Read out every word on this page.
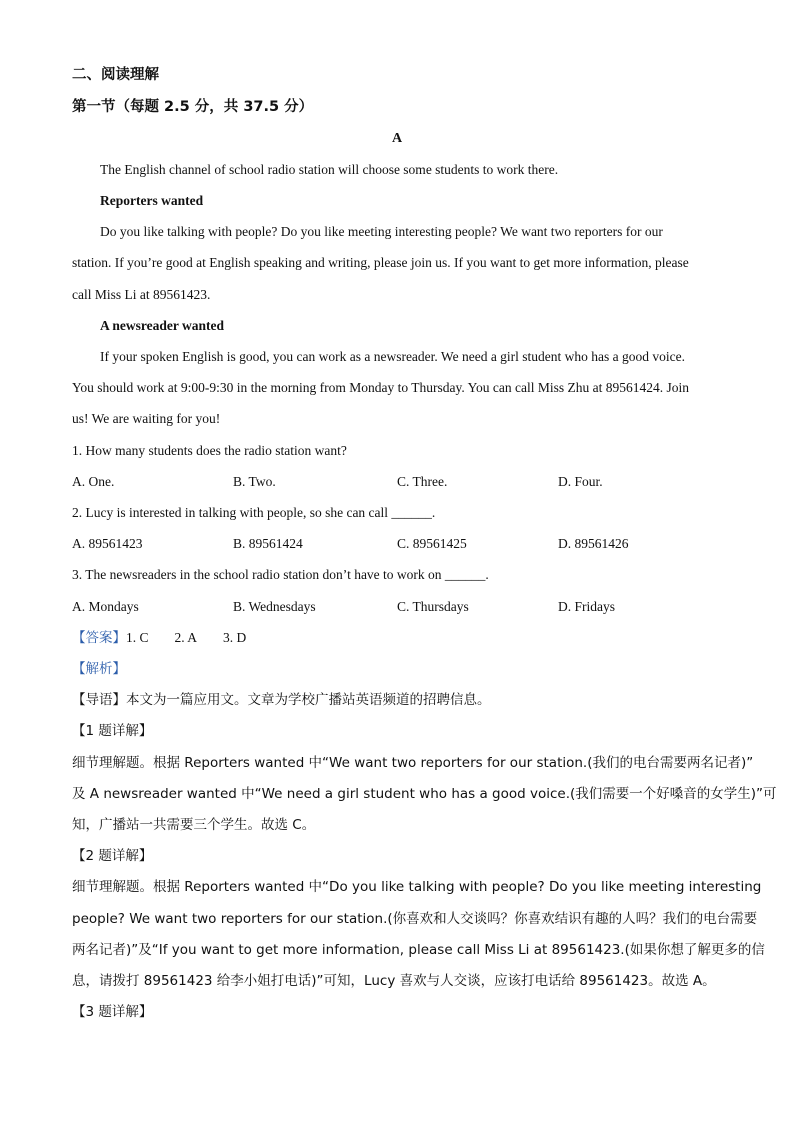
二、阅读理解
第一节（每题 2.5 分，共 37.5 分）
A
The English channel of school radio station will choose some students to work there.
Reporters wanted
Do you like talking with people? Do you like meeting interesting people? We want two reporters for our
station. If you’re good at English speaking and writing, please join us. If you want to get more information, please
call Miss Li at 89561423.
A newsreader wanted
If your spoken English is good, you can work as a newsreader. We need a girl student who has a good voice.
You should work at 9:00-9:30 in the morning from Monday to Thursday. You can call Miss Zhu at 89561424. Join
us! We are waiting for you!
1. How many students does the radio station want?
A. One.	B. Two.	C. Three.	D. Four.
2. Lucy is interested in talking with people, so she can call ______.
A. 89561423	B. 89561424	C. 89561425	D. 89561426
3. The newsreaders in the school radio station don’t have to work on ______.
A. Mondays	B. Wednesdays	C. Thursdays	D. Fridays
【答案】1. C 2. A 3. D
【解析】
【导语】本文为一篇应用文。文章为学校广播站英语频道的招聘信息。
【1 题详解】
细节理解题。根据 Reporters wanted 中“We want two reporters for our station.(我们的电台需要两名记者)”
及 A newsreader wanted 中“We need a girl student who has a good voice.(我们需要一个好嗓音的女学生)”可
知，广播站一共需要三个学生。故选 C。
【2 题详解】
细节理解题。根据 Reporters wanted 中“Do you like talking with people? Do you like meeting interesting
people? We want two reporters for our station.(你喜欢和人交谈吗？你喜欢结识有趣的人吗？我们的电台需要
两名记者)”及“If you want to get more information, please call Miss Li at 89561423.(如果你想了解更多的信
息，请拨打 89561423 给李小姐打电话)”可知，Lucy 喜欢与人交谈，应该打电话给 89561423。故选 A。
【3 题详解】
